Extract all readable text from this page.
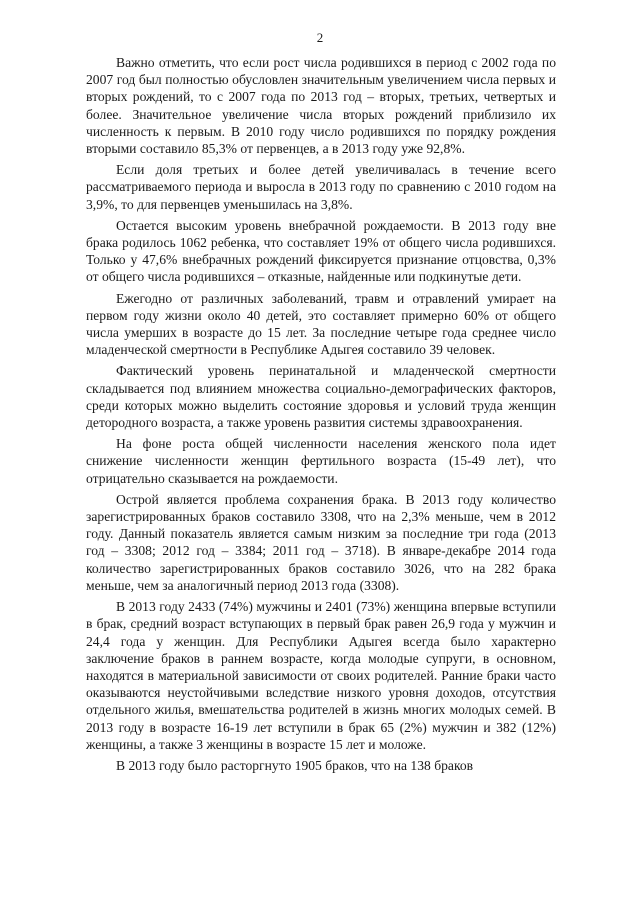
2

Важно отметить, что если рост числа родившихся в период с 2002 года по 2007 год был полностью обусловлен значительным увеличением числа первых и вторых рождений, то с 2007 года по 2013 год – вторых, третьих, четвертых и более. Значительное увеличение числа вторых рождений приблизило их численность к первым. В 2010 году число родившихся по порядку рождения вторыми составило 85,3% от первенцев, а в 2013 году уже 92,8%.

Если доля третьих и более детей увеличивалась в течение всего рассматриваемого периода и выросла в 2013 году по сравнению с 2010 годом на 3,9%, то для первенцев уменьшилась на 3,8%.

Остается высоким уровень внебрачной рождаемости. В 2013 году вне брака родилось 1062 ребенка, что составляет 19% от общего числа родившихся. Только у 47,6% внебрачных рождений фиксируется признание отцовства, 0,3% от общего числа родившихся – отказные, найденные или подкинутые дети.

Ежегодно от различных заболеваний, травм и отравлений умирает на первом году жизни около 40 детей, это составляет примерно 60% от общего числа умерших в возрасте до 15 лет. За последние четыре года среднее число младенческой смертности в Республике Адыгея составило 39 человек.

Фактический уровень перинатальной и младенческой смертности складывается под влиянием множества социально-демографических факторов, среди которых можно выделить состояние здоровья и условий труда женщин детородного возраста, а также уровень развития системы здравоохранения.

На фоне роста общей численности населения женского пола идет снижение численности женщин фертильного возраста (15-49 лет), что отрицательно сказывается на рождаемости.

Острой является проблема сохранения брака. В 2013 году количество зарегистрированных браков составило 3308, что на 2,3% меньше, чем в 2012 году. Данный показатель является самым низким за последние три года (2013 год – 3308; 2012 год – 3384; 2011 год – 3718). В январе-декабре 2014 года количество зарегистрированных браков составило 3026, что на 282 брака меньше, чем за аналогичный период 2013 года (3308).

В 2013 году 2433 (74%) мужчины и 2401 (73%) женщина впервые вступили в брак, средний возраст вступающих в первый брак равен 26,9 года у мужчин и 24,4 года у женщин. Для Республики Адыгея всегда было характерно заключение браков в раннем возрасте, когда молодые супруги, в основном, находятся в материальной зависимости от своих родителей. Ранние браки часто оказываются неустойчивыми вследствие низкого уровня доходов, отсутствия отдельного жилья, вмешательства родителей в жизнь многих молодых семей. В 2013 году в возрасте 16-19 лет вступили в брак 65 (2%) мужчин и 382 (12%) женщины, а также 3 женщины в возрасте 15 лет и моложе.

В 2013 году было расторгнуто 1905 браков, что на 138 браков
